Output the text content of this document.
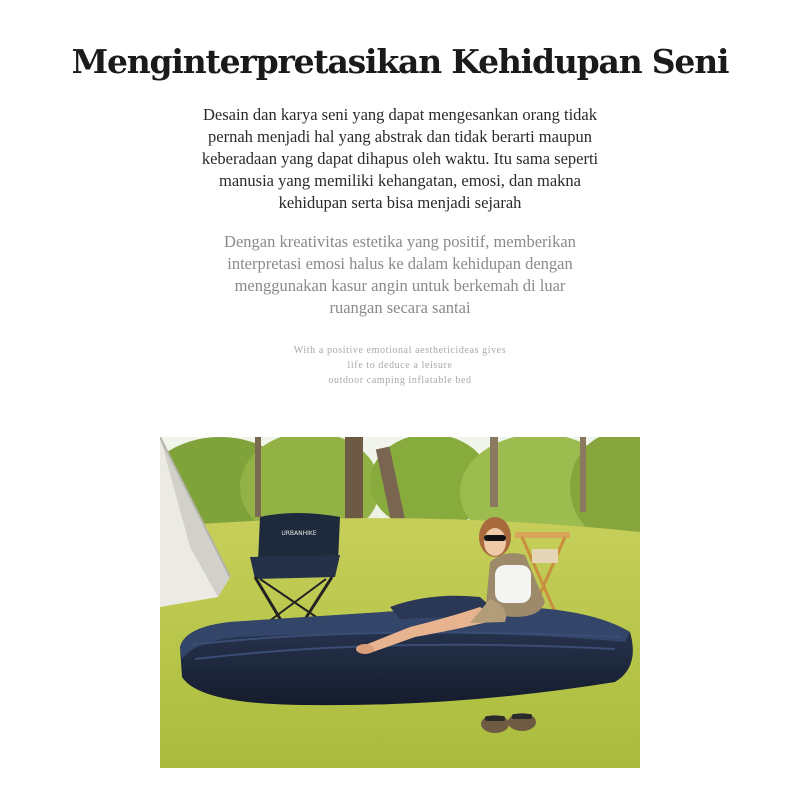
Menginterpretasikan Kehidupan Seni
Desain dan karya seni yang dapat mengesankan orang tidak
pernah menjadi hal yang abstrak dan tidak berarti maupun
keberadaan yang dapat dihapus oleh waktu. Itu sama seperti
manusia yang memiliki kehangatan, emosi, dan makna
kehidupan serta bisa menjadi sejarah
Dengan kreativitas estetika yang positif, memberikan
interpretasi emosi halus ke dalam kehidupan dengan
menggunakan kasur angin untuk berkemah di luar
ruangan secara santai
With a positive emotional aestheticideas gives
life to deduce a leisure
outdoor camping inflatable bed
URBANHIKE
